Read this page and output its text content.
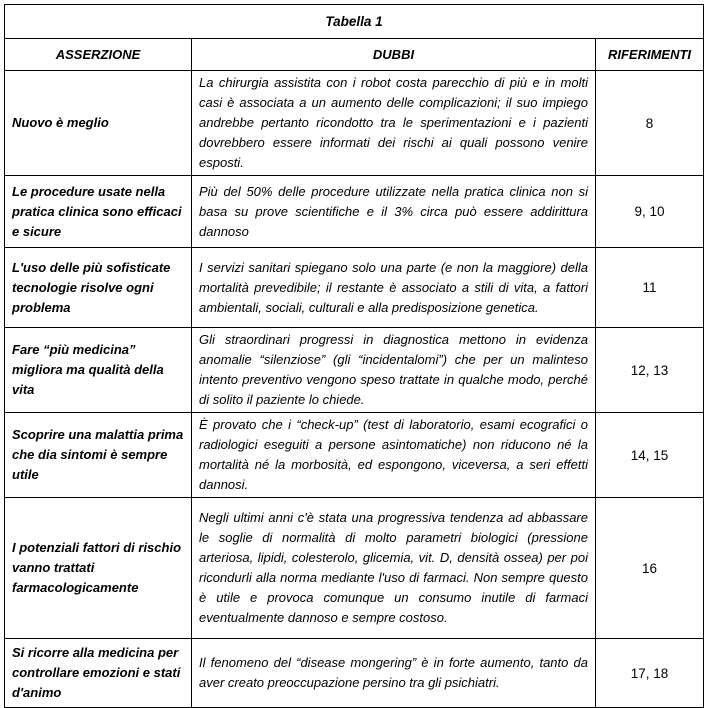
Tabella 1		
ASSERZIONE	DUBBI	RIFERIMENTI
Nuovo è meglio	La chirurgia assistita con i robot costa parecchio di più e in molti casi è associata a un aumento delle complicazioni; il suo impiego andrebbe pertanto ricondotto tra le sperimentazioni e i pazienti dovrebbero essere informati dei rischi ai quali possono venire esposti.	8
Le procedure usate nella pratica clinica sono efficaci e sicure	Più del 50% delle procedure utilizzate nella pratica clinica non si basa su prove scientifiche e il 3% circa può essere addirittura dannoso	9, 10
L'uso delle più sofisticate tecnologie risolve ogni problema	I servizi sanitari spiegano solo una parte (e non la maggiore) della mortalità prevedibile; il restante è associato a stili di vita, a fattori ambientali, sociali, culturali e alla predisposizione genetica.	11
Fare “più medicina” migliora ma qualità della vita	Gli straordinari progressi in diagnostica mettono in evidenza anomalie “silenziose” (gli “incidentalomi”) che per un malinteso intento preventivo vengono speso trattate in qualche modo, perché di solito il paziente lo chiede.	12, 13
Scoprire una malattia prima che dia sintomi è sempre utile	È provato che i “check-up” (test di laboratorio, esami ecografici o radiologici eseguiti a persone asintomatiche) non riducono né la mortalità né la morbosità, ed espongono, viceversa, a seri effetti dannosi.	14, 15
I potenziali fattori di rischio vanno trattati farmacologicamente	Negli ultimi anni c'è stata una progressiva tendenza ad abbassare le soglie di normalità di molto parametri biologici (pressione arteriosa, lipidi, colesterolo, glicemia, vit. D, densità ossea) per poi ricondurli alla norma mediante l'uso di farmaci. Non sempre questo è utile e provoca comunque un consumo inutile di farmaci eventualmente dannoso e sempre costoso.	16
Si ricorre alla medicina per controllare emozioni e stati d'animo	Il fenomeno del “disease mongering” è in forte aumento, tanto da aver creato preoccupazione persino tra gli psichiatri.	17, 18
